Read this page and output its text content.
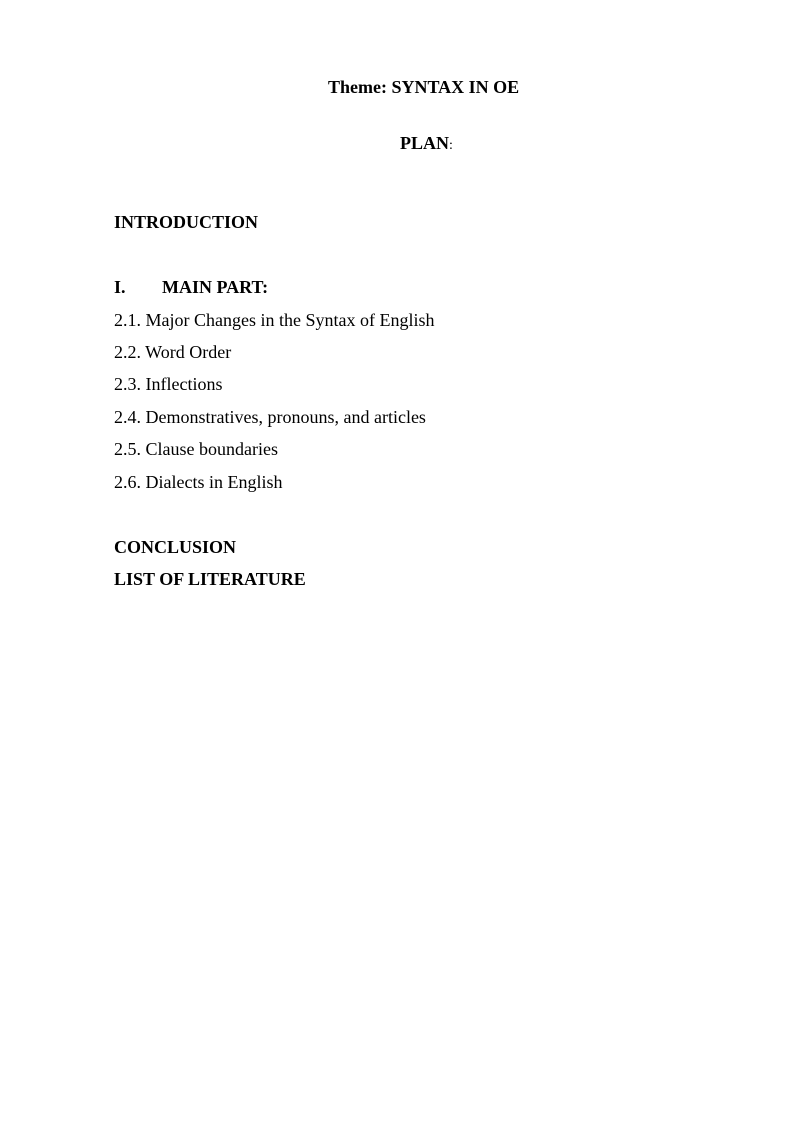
Theme: SYNTAX IN OE
PLAN:
INTRODUCTION
I. MAIN PART:
2.1. Major Changes in the Syntax of English
2.2. Word Order
2.3. Inflections
2.4. Demonstratives, pronouns, and articles
2.5. Clause boundaries
2.6. Dialects in English
CONCLUSION
LIST OF LITERATURE
